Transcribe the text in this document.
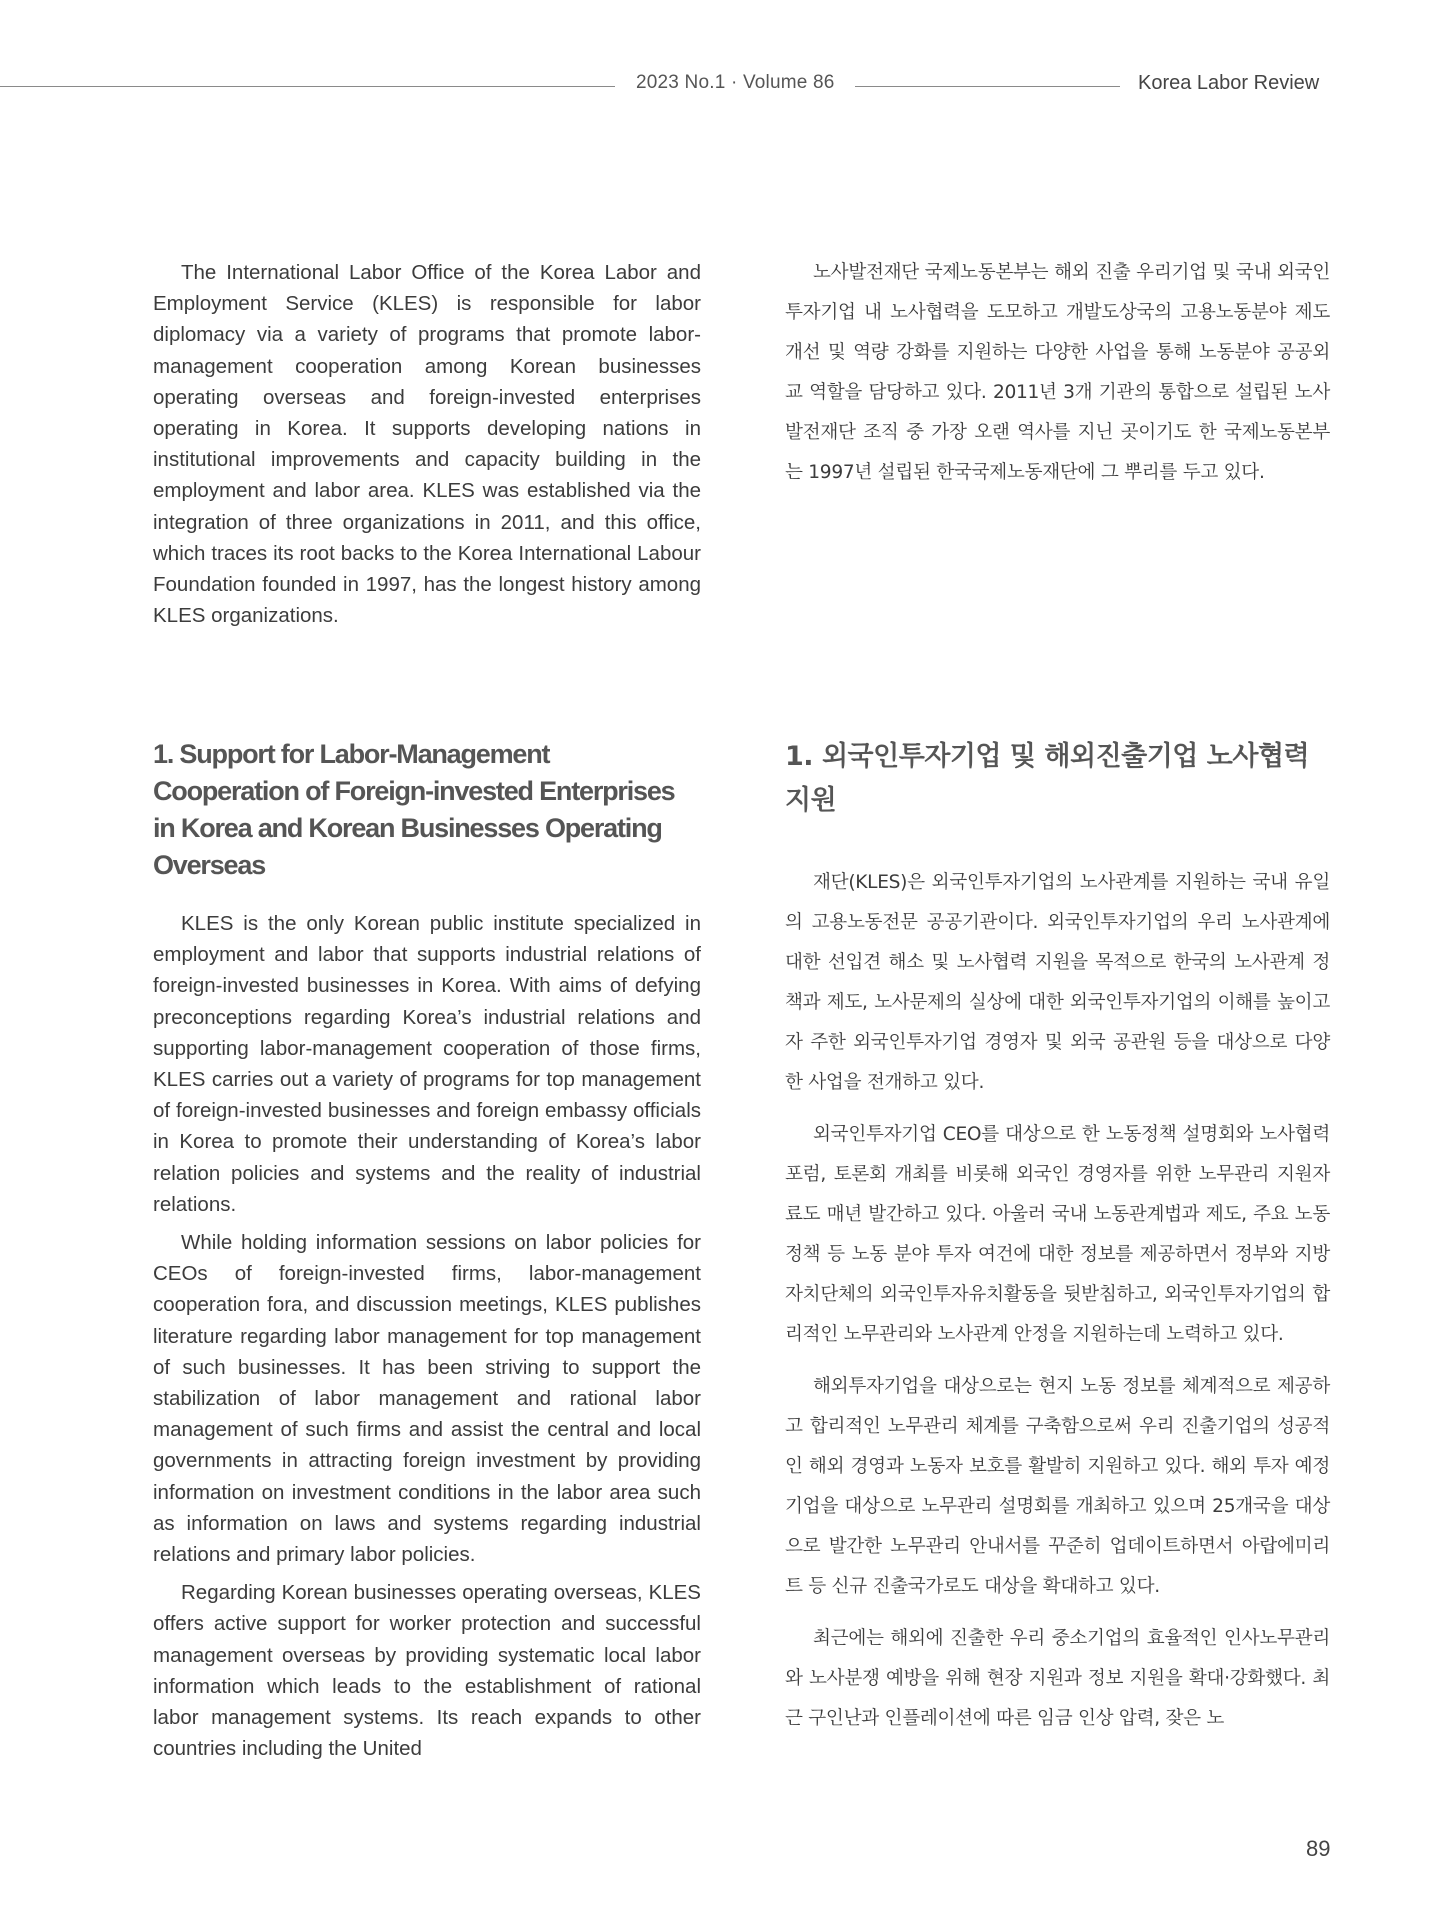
2023 No.1 · Volume 86	Korea Labor Review

The International Labor Office of the Korea Labor and Employment Service (KLES) is responsible for labor diplomacy via a variety of programs that promote labor-management cooperation among Korean businesses operating overseas and foreign-invested enterprises operating in Korea. It supports developing nations in institutional improvements and capacity building in the employment and labor area. KLES was established via the integration of three organizations in 2011, and this office, which traces its root backs to the Korea International Labour Foundation founded in 1997, has the longest history among KLES organizations.

노사발전재단 국제노동본부는 해외 진출 우리기업 및 국내 외국인투자기업 내 노사협력을 도모하고 개발도상국의 고용노동분야 제도 개선 및 역량 강화를 지원하는 다양한 사업을 통해 노동분야 공공외교 역할을 담당하고 있다. 2011년 3개 기관의 통합으로 설립된 노사발전재단 조직 중 가장 오랜 역사를 지닌 곳이기도 한 국제노동본부는 1997년 설립된 한국국제노동재단에 그 뿌리를 두고 있다.

1. Support for Labor-Management Cooperation of Foreign-invested Enterprises in Korea and Korean Businesses Operating Overseas

KLES is the only Korean public institute specialized in employment and labor that supports industrial relations of foreign-invested businesses in Korea. With aims of defying preconceptions regarding Korea’s industrial relations and supporting labor-management cooperation of those firms, KLES carries out a variety of programs for top management of foreign-invested businesses and foreign embassy officials in Korea to promote their understanding of Korea’s labor relation policies and systems and the reality of industrial relations.

While holding information sessions on labor policies for CEOs of foreign-invested firms, labor-management cooperation fora, and discussion meetings, KLES publishes literature regarding labor management for top management of such businesses. It has been striving to support the stabilization of labor management and rational labor management of such firms and assist the central and local governments in attracting foreign investment by providing information on investment conditions in the labor area such as information on laws and systems regarding industrial relations and primary labor policies.

Regarding Korean businesses operating overseas, KLES offers active support for worker protection and successful management overseas by providing systematic local labor information which leads to the establishment of rational labor management systems. Its reach expands to other countries including the United

1. 외국인투자기업 및 해외진출기업 노사협력 지원

재단(KLES)은 외국인투자기업의 노사관계를 지원하는 국내 유일의 고용노동전문 공공기관이다. 외국인투자기업의 우리 노사관계에 대한 선입견 해소 및 노사협력 지원을 목적으로 한국의 노사관계 정책과 제도, 노사문제의 실상에 대한 외국인투자기업의 이해를 높이고자 주한 외국인투자기업 경영자 및 외국 공관원 등을 대상으로 다양한 사업을 전개하고 있다.

외국인투자기업 CEO를 대상으로 한 노동정책 설명회와 노사협력포럼, 토론회 개최를 비롯해 외국인 경영자를 위한 노무관리 지원자료도 매년 발간하고 있다. 아울러 국내 노동관계법과 제도, 주요 노동정책 등 노동 분야 투자 여건에 대한 정보를 제공하면서 정부와 지방자치단체의 외국인투자유치활동을 뒷받침하고, 외국인투자기업의 합리적인 노무관리와 노사관계 안정을 지원하는데 노력하고 있다.

해외투자기업을 대상으로는 현지 노동 정보를 체계적으로 제공하고 합리적인 노무관리 체계를 구축함으로써 우리 진출기업의 성공적인 해외 경영과 노동자 보호를 활발히 지원하고 있다. 해외 투자 예정기업을 대상으로 노무관리 설명회를 개최하고 있으며 25개국을 대상으로 발간한 노무관리 안내서를 꾸준히 업데이트하면서 아랍에미리트 등 신규 진출국가로도 대상을 확대하고 있다.

최근에는 해외에 진출한 우리 중소기업의 효율적인 인사노무관리와 노사분쟁 예방을 위해 현장 지원과 정보 지원을 확대·강화했다. 최근 구인난과 인플레이션에 따른 임금 인상 압력, 잦은 노

89
